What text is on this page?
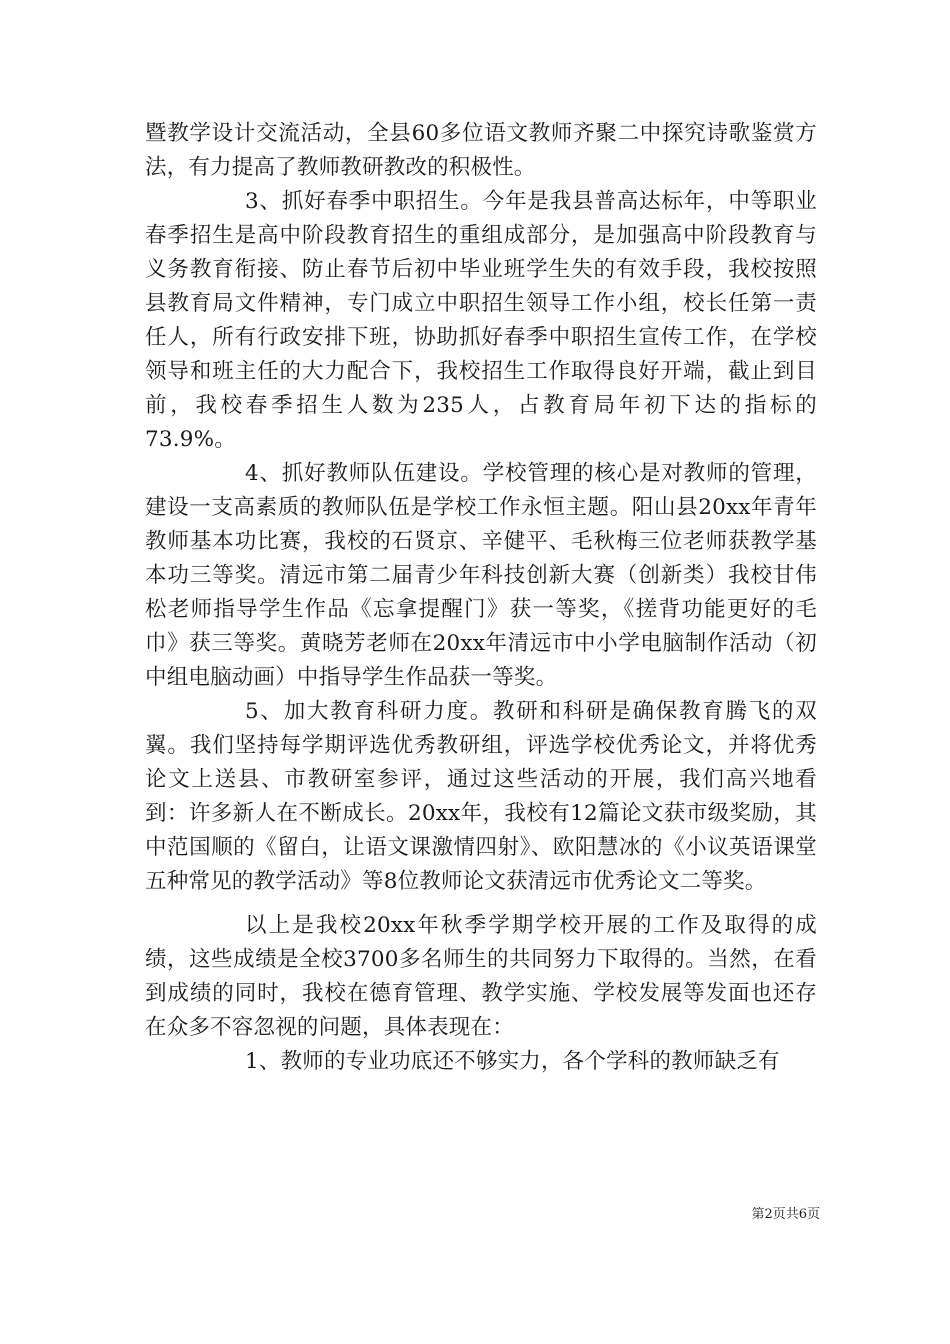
暨教学设计交流活动，全县60多位语文教师齐聚二中探究诗歌鉴赏方法，有力提高了教师教研教改的积极性。

3、抓好春季中职招生。今年是我县普高达标年，中等职业春季招生是高中阶段教育招生的重组成部分，是加强高中阶段教育与义务教育衔接、防止春节后初中毕业班学生失的有效手段，我校按照县教育局文件精神，专门成立中职招生领导工作小组，校长任第一责任人，所有行政安排下班，协助抓好春季中职招生宣传工作，在学校领导和班主任的大力配合下，我校招生工作取得良好开端，截止到目前，我校春季招生人数为235人，占教育局年初下达的指标的73.9%。

4、抓好教师队伍建设。学校管理的核心是对教师的管理，建设一支高素质的教师队伍是学校工作永恒主题。阳山县20xx年青年教师基本功比赛，我校的石贤京、辛健平、毛秋梅三位老师获教学基本功三等奖。清远市第二届青少年科技创新大赛（创新类）我校甘伟松老师指导学生作品《忘拿提醒门》获一等奖，《搓背功能更好的毛巾》获三等奖。黄晓芳老师在20xx年清远市中小学电脑制作活动（初中组电脑动画）中指导学生作品获一等奖。

5、加大教育科研力度。教研和科研是确保教育腾飞的双翼。我们坚持每学期评选优秀教研组，评选学校优秀论文，并将优秀论文上送县、市教研室参评，通过这些活动的开展，我们高兴地看到：许多新人在不断成长。20xx年，我校有12篇论文获市级奖励，其中范国顺的《留白，让语文课激情四射》、欧阳慧冰的《小议英语课堂五种常见的教学活动》等8位教师论文获清远市优秀论文二等奖。

以上是我校20xx年秋季学期学校开展的工作及取得的成绩，这些成绩是全校3700多名师生的共同努力下取得的。当然，在看到成绩的同时，我校在德育管理、教学实施、学校发展等发面也还存在众多不容忽视的问题，具体表现在：

1、教师的专业功底还不够实力，各个学科的教师缺乏有

第2页共6页
